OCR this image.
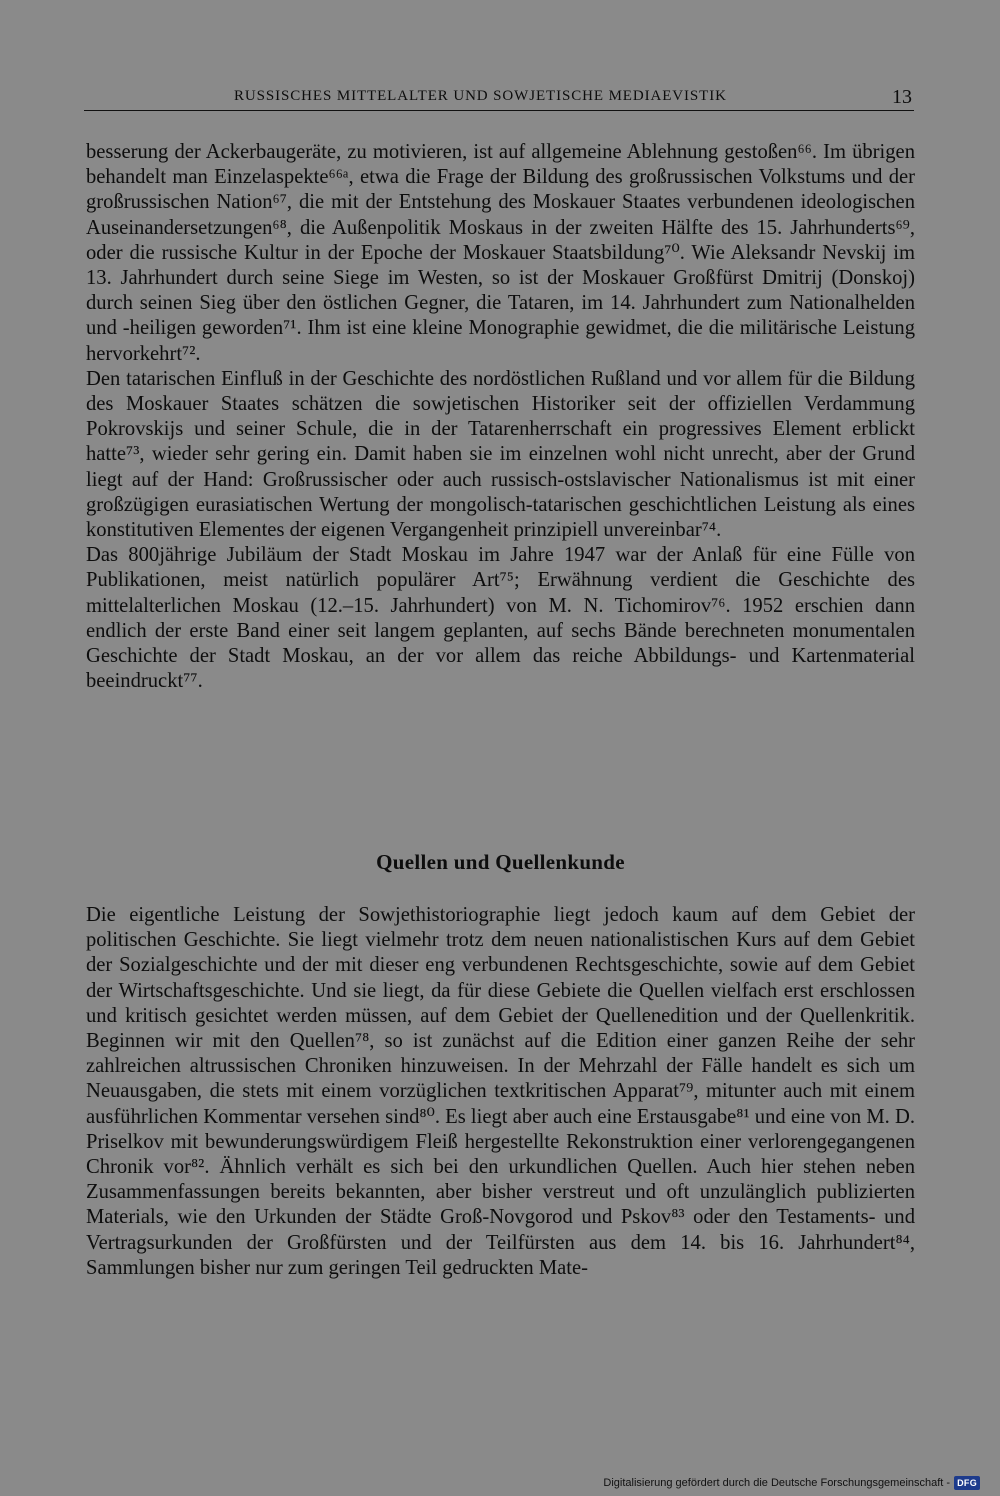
RUSSISCHES MITTELALTER UND SOWJETISCHE MEDIAEVISTIK	13

besserung der Ackerbaugeräte, zu motivieren, ist auf allgemeine Ablehnung gestoßen⁶⁶. Im übrigen behandelt man Einzelaspekte⁶⁶ᵃ, etwa die Frage der Bildung des großrussischen Volkstums und der großrussischen Nation⁶⁷, die mit der Entstehung des Moskauer Staates verbundenen ideologischen Auseinandersetzungen⁶⁸, die Außenpolitik Moskaus in der zweiten Hälfte des 15. Jahrhunderts⁶⁹, oder die russische Kultur in der Epoche der Moskauer Staatsbildung⁷⁰. Wie Aleksandr Nevskij im 13. Jahrhundert durch seine Siege im Westen, so ist der Moskauer Großfürst Dmitrij (Donskoj) durch seinen Sieg über den östlichen Gegner, die Tataren, im 14. Jahrhundert zum Nationalhelden und -heiligen geworden⁷¹. Ihm ist eine kleine Monographie gewidmet, die die militärische Leistung hervorkehrt⁷².

Den tatarischen Einfluß in der Geschichte des nordöstlichen Rußland und vor allem für die Bildung des Moskauer Staates schätzen die sowjetischen Historiker seit der offiziellen Verdammung Pokrovskijs und seiner Schule, die in der Tatarenherrschaft ein progressives Element erblickt hatte⁷³, wieder sehr gering ein. Damit haben sie im einzelnen wohl nicht unrecht, aber der Grund liegt auf der Hand: Großrussischer oder auch russisch-ostslavischer Nationalismus ist mit einer großzügigen eurasiatischen Wertung der mongolisch-tatarischen geschichtlichen Leistung als eines konstitutiven Elementes der eigenen Vergangenheit prinzipiell unvereinbar⁷⁴.

Das 800jährige Jubiläum der Stadt Moskau im Jahre 1947 war der Anlaß für eine Fülle von Publikationen, meist natürlich populärer Art⁷⁵; Erwähnung verdient die Geschichte des mittelalterlichen Moskau (12.–15. Jahrhundert) von M. N. Tichomirov⁷⁶. 1952 erschien dann endlich der erste Band einer seit langem geplanten, auf sechs Bände berechneten monumentalen Geschichte der Stadt Moskau, an der vor allem das reiche Abbildungs- und Kartenmaterial beeindruckt⁷⁷.

Quellen und Quellenkunde

Die eigentliche Leistung der Sowjethistoriographie liegt jedoch kaum auf dem Gebiet der politischen Geschichte. Sie liegt vielmehr trotz dem neuen nationalistischen Kurs auf dem Gebiet der Sozialgeschichte und der mit dieser eng verbundenen Rechtsgeschichte, sowie auf dem Gebiet der Wirtschaftsgeschichte. Und sie liegt, da für diese Gebiete die Quellen vielfach erst erschlossen und kritisch gesichtet werden müssen, auf dem Gebiet der Quellenedition und der Quellenkritik. Beginnen wir mit den Quellen⁷⁸, so ist zunächst auf die Edition einer ganzen Reihe der sehr zahlreichen altrussischen Chroniken hinzuweisen. In der Mehrzahl der Fälle handelt es sich um Neuausgaben, die stets mit einem vorzüglichen textkritischen Apparat⁷⁹, mitunter auch mit einem ausführlichen Kommentar versehen sind⁸⁰. Es liegt aber auch eine Erstausgabe⁸¹ und eine von M. D. Priselkov mit bewunderungswürdigem Fleiß hergestellte Rekonstruktion einer verlorengegangenen Chronik vor⁸². Ähnlich verhält es sich bei den urkundlichen Quellen. Auch hier stehen neben Zusammenfassungen bereits bekannten, aber bisher verstreut und oft unzulänglich publizierten Materials, wie den Urkunden der Städte Groß-Novgorod und Pskov⁸³ oder den Testaments- und Vertragsurkunden der Großfürsten und der Teilfürsten aus dem 14. bis 16. Jahrhundert⁸⁴, Sammlungen bisher nur zum geringen Teil gedruckten Mate-

Digitalisierung gefördert durch die Deutsche Forschungsgemeinschaft - DFG
